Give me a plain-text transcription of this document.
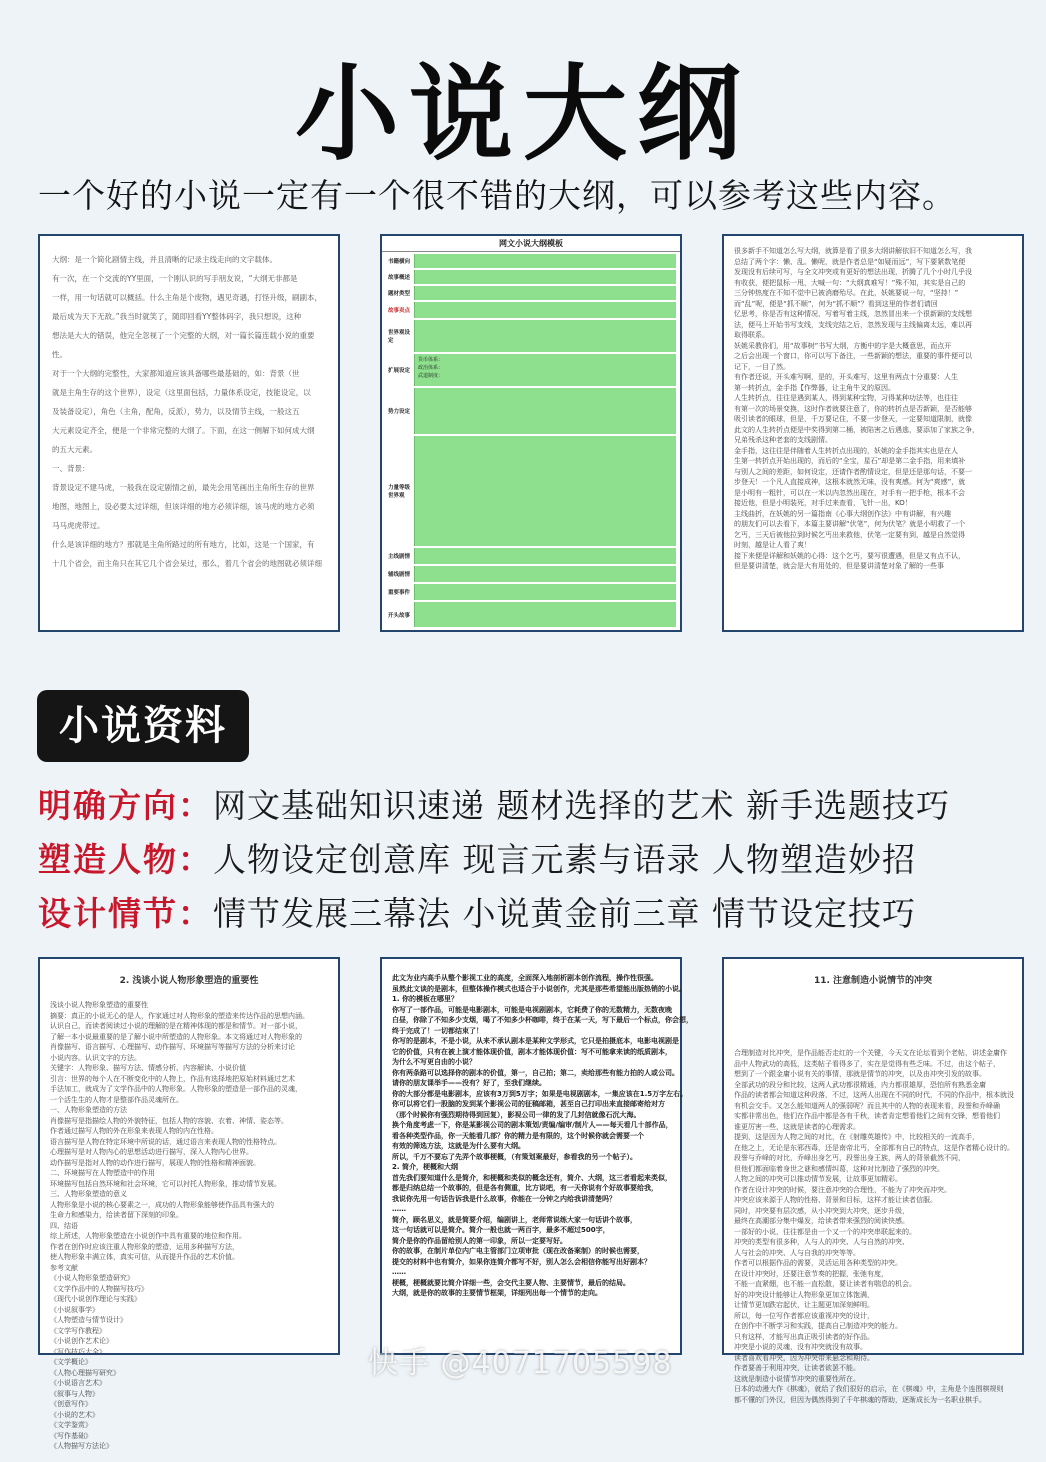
小说大纲
一个好的小说一定有一个很不错的大纲，可以参考这些内容。

大纲：是一个简化剧情主线，并且清晰的记录主线走向的文字载体。

有一次，在一个交流的YY里面，一个刚认识的写手朋友说，“大纲无非都是

一样，用一句话就可以概括。什么主角是个废物，遇见奇遇，打怪升级，刷副本，

最后成为天下无敌。”我当时就笑了，随即回看YY整体码字，我只想说，这种

想法是大大的错误，他完全忽视了一个完整的大纲，对一篇长篇连载小说的重要

性。

对于一个大纲的完整性，大家都知道应该具备哪些最基础的，如：背景（世

就是主角生存的这个世界），设定（这里面包括，力量体系设定，技能设定，以

及装备设定），角色（主角，配角，反派），势力，以及情节主线，一般这五

大元素设定齐全，便是一个非常完整的大纲了。下面，在这一侧解下如何成大纲

的五大元素。

一、背景：

背景设定不建马虎，一般我在设定剧情之前，最先会用笔画出主角所生存的世界

地图，地图上，设必要太过详细，但该详细的地方必须详细，该马虎的地方必须

马马虎虎带过。

什么是该详细的地方？那就是主角所路过的所有地方，比如，这是一个国家，有

十几个省会，而主角只在其它几个省会呆过，那么，着几个省会的地图就必须详细

网文小说大纲模板
书籍横向
故事概述
题材类型
故事卖点
世界观设定
扩展设定
货币体系：
政治体系：
武道制度：
势力设定
力量等级世界观
主线剧情
辅线剧情
重要事件
开头故事

很多新手不知道怎么写大纲，就算是看了很多大纲讲解依旧不知道怎么写，我

总结了两个字：懒、乱。懒呢，就是作者总是“如疑而远”，写下要紧数笔便

发现没有后续可写，与全文冲突或有更好的想法出现，折腾了几个小时几乎没

有收获，便把鼠标一甩，大喊一句：“大纲真难写！”殊不知，其实是自己的

三分钟热度在不知不觉中已被消磨殆尽。在此，妖姚要说一句，“坚持！”

而“乱”呢，便是“抓不顺”，何为“抓不顺”？看到这里的作者们请回

忆思考，你是否有这种情况，写着写着主线，忽然冒出来一个很新颖的支线想

法，便马上开始书写支线，支线完结之后，忽然发现与主线偏离太远，难以再

取得联系。

妖姚采教你们，用“故事树”书写大纲，方衡中的字是大概意思，而点开

之后会出现一个窗口，你可以写下备注，一些新颖的想法，重要的事件便可以

记下，一目了然。

有作者还说，开头难写啊，是的，开头难写，这里有两点十分重要：人生

第一转折点，金手指【作弊器，让主角牛叉的原因。

人生转折点，往往是遇到某人，得到某种宝物，习得某种功法等，也往往

有第一次的场景变换，这时作者就要注意了，你的转折点是否新颖，是否能够

吸引读者的眼球，但是，千万要记住，不要一步登天，一定要知道限制，就像

此文的人生转折点便是中奖得到第二桶，被陷害之后遇逃，要添加了家族之争，

兄弟残杀这种老套的支线剧情。

金手指，这往往是伴随着人生转折点出现的，妖姚的金手指其实也是在人

生第一转折点开始出现的，而后的“全宝，星石”却是第二金手指，用来填补

与别人之间的差距，如何设定，还请作者酌情设定，但是还是那句话，不要一

步登天！一个凡人直接成神，这根本就然无味，没有爽感。何为“爽感”，就

是小明有一粗针，可以在一米以内忽然出现在，对手有一把手枪，根本不会

接近他，但是小明装死，对手过来查看，飞针一出，KO！

主线曲折，在妖姚的另一篇指南《心事大纲创作法》中有讲解，有兴趣

的朋友们可以去看下，本篇主要讲解“伏笔”，何为伏笔？就是小明救了一个

乞丐，三天后被他拉到时候乞丐出来救他，伏笔一定要有到，越是自然觉得

时刻，越是让人看了爽！

接下来便是详解和妖姚的心得：这个乞丐，要写很遭遇，但是又有点不认，

但是要讲清楚，就会是大有用处的，但是要讲清楚对象了解的一些事

小说资料
明确方向：网文基础知识速递 题材选择的艺术 新手选题技巧
塑造人物：人物设定创意库 现言元素与语录 人物塑造妙招
设计情节：情节发展三幕法 小说黄金前三章 情节设定技巧
2. 浅谈小说人物形象塑造的重要性

浅谈小说人物形象塑造的重要性

摘要：真正的小说无心的是人，作家通过对人物形象的塑造来传达作品的思想内涵。

认识自己，而读者阅读过小说的理解的是在精神体现的都是和情节。对一部小说，

了解一本小说最重要的是了解小说中所塑造的人物形象。本文将通过对人物形象的

肖像描写、语言描写、心理描写、动作描写、环境描写等描写方法的分析来讨论

小说内容。认识文字的方法。

关键字：人物形象、描写方法、情感分析、内容解读、小说价值

引言：世界的每个人在不断变化中的人物上，作品有选择地把原始材料通过艺术

手法加工，就成为了文学作品中的人物形象。人物形象的塑造是一部作品的灵魂，

一个活生生的人物才是整部作品灵魂所在。

一、人物形象塑造的方法

肖像描写是指描绘人物的外貌特征，包括人物的容貌、衣着、神情、姿态等。

作者通过描写人物的外在形象来表现人物的内在性格。

语言描写是人物在特定环境中所说的话，通过语言来表现人物的性格特点。

心理描写是对人物内心的思想活动进行描写，深入人物内心世界。

动作描写是指对人物的动作进行描写，展现人物的性格和精神面貌。

二、环境描写在人物塑造中的作用

环境描写包括自然环境和社会环境，它可以衬托人物形象，推动情节发展。

三、人物形象塑造的意义

人物形象是小说的核心要素之一，成功的人物形象能够使作品具有强大的

生命力和感染力，给读者留下深刻的印象。

四、结语

综上所述，人物形象塑造在小说创作中具有重要的地位和作用。

作者在创作时应该注重人物形象的塑造，运用多种描写方法，

使人物形象丰满立体，真实可信，从而提升作品的艺术价值。

参考文献

《小说人物形象塑造研究》

《文学作品中的人物描写技巧》

《现代小说创作理论与实践》

《小说叙事学》

《人物塑造与情节设计》

《文学写作教程》

《小说创作艺术论》

《写作技巧大全》

《文学概论》

《人物心理描写研究》

《小说语言艺术》

《叙事与人物》

《创意写作》

《小说的艺术》

《文学鉴赏》

《写作基础》

《人物描写方法论》

此文为业内高手从整个影视工业的高度，全面深入地剖析剧本创作流程，操作性很强。

虽然此文谈的是剧本，但整体操作模式也适合于小说创作，尤其是那些希望能出版热销的小说。

1. 你的模板在哪里？

你写了一部作品，可能是电影剧本，可能是电视剧剧本，它耗费了你的无数精力，无数夜晚

白昼，你除了不知多少支烟，喝了不知多少杯咖啡，终于在某一天，写下最后一个标点，你会想，

终于完成了！一切都结束了！

你写的是剧本，不是小说，从来不承认剧本是某种文学形式，它只是拍摄底本，电影电视剧是

它的价值，只有在被上演才能体现价值，剧本才能体现价值：写不可能拿来读的纸质剧本，

为什么不写更自由的小说？

你有两条路可以选择你的剧本的价值，第一，自己拍；第二，卖给那些有能力拍的人或公司。

请你的朋友课举手——没有？好了，至我们继续。

你的大部分都是电影剧本，应该有3万到5万字；如果是电视剧剧本，一集应该在1.5万字左右。

你可以将它们一股脑的发到某个影视公司的征稿邮箱，甚至自己打印出来直接邮寄给对方

（那个时候你有强烈期待得到回复），影视公司一律的发了几封信就像石沉大海。

换个角度考虑一下，你是某影视公司的剧本策划/责编/编审/制片人——每天看几十部作品，

看各种类型作品，你一天能看几部？你的精力是有限的，这个时候你就会需要一个

有效的筛选方法，这就是为什么要有大纲。

所以，千万不要忘了先弄个故事梗概，（有策划案最好，参看我的另一个帖子）。

2. 简介，梗概和大纲

首先我们要知道什么是简介，和梗概和类似的概念还有，简介、大纲，这三者看起来类似，

都是归纳总结一个故事的，但是各有侧重，比方说吧，有一天你说有个好故事要给我，

我说你先用一句话告诉我是什么故事，你能在一分钟之内给我讲清楚吗？

……

简介，顾名思义，就是简要介绍，编剧讲上，老师常说练大家一句话讲个故事，

这一句话就可以是简介。简介一般也就一两百字，最多不超过500字，

简介是你的作品留给别人的第一印象，所以一定要写好。

你的故事，在制片单位内广电主管部门立项审批（现在改备案制）的时候也需要，

提交的材料中也有简介，如果你连简介都写不好，别人怎么会相信你能写出好剧本？

……

梗概，梗概就要比简介详细一些，会交代主要人物、主要情节，最后的结局。

大纲，就是你的故事的主要情节框架，详细列出每一个情节的走向。

11. 注意制造小说情节的冲突

合理制造对比冲突，是作品能否走红的一个关键，今天文在论坛看到个老帖，讲述金庸作

品中人物武功的高低，这类帖子看得多了，实在是觉得有些乏味。不过，由这个帖子，

想到了一个跟金庸小说有关的事情，那就是情节的冲突，以及由冲突引发的故事。

全部武功的段分和比较，这两人武功都很精通，内力都很雄厚，恐怕所有熟悉金庸

作品的读者都会知道这种段落，不过，这两人出现在不同的时代，不同的作品中，根本就没

有机会交手。又怎么能知道两人的强弱呢？而且其中的人物的表现来看，段誉和乔峰确

实都非常出色，他们在作品中都是各有千秋，读者肯定想看他们之间有交锋，想看他们

谁更厉害一些，这就是读者的心理需求。

提到，这是因为人物之间的对比，在《射雕英雄传》中，比较相关的一流高手，

在他之上，无论是东邪西毒，还是南帝北丐，全部都有自己的特点，这是作者精心设计的。

段誉与乔峰的对比，乔峰出身乞丐，段誉出身王族，两人的背景截然不同，

但他们都面临着身世之谜和感情纠葛，这种对比制造了强烈的冲突。

人物之间的冲突可以推动情节发展，让故事更加精彩。

作者在设计冲突的时候，要注意冲突的合理性，不能为了冲突而冲突。

冲突应该来源于人物的性格、背景和目标，这样才能让读者信服。

同时，冲突要有层次感，从小冲突到大冲突，逐步升级，

最终在高潮部分集中爆发，给读者带来强烈的阅读快感。

一部好的小说，往往都是由一个又一个的冲突串联起来的。

冲突的类型有很多种，人与人的冲突、人与自然的冲突、

人与社会的冲突、人与自我的冲突等等。

作者可以根据作品的需要，灵活运用各种类型的冲突。

在设计冲突时，还要注意节奏的把握，张弛有度，

不能一直紧绷，也不能一直松散，要让读者有喘息的机会。

好的冲突设计能够让人物形象更加立体饱满，

让情节更加跌宕起伏，让主题更加深刻鲜明。

所以，每一位写作者都应该重视冲突的设计，

在创作中不断学习和实践，提高自己制造冲突的能力。

只有这样，才能写出真正吸引读者的好作品。

冲突是小说的灵魂，没有冲突就没有故事。

读者喜欢看冲突，因为冲突带来悬念和期待。

作者要善于利用冲突，让读者欲罢不能。

这就是制造小说情节冲突的重要性所在。

日本的动漫大作《棋魂》，就给了我们很好的启示，在《棋魂》中，主角是个连围棋规则

都不懂的门外汉，但因为偶然得到了千年棋魂的帮助，逐渐成长为一名职业棋手。

快手 @4071705598
